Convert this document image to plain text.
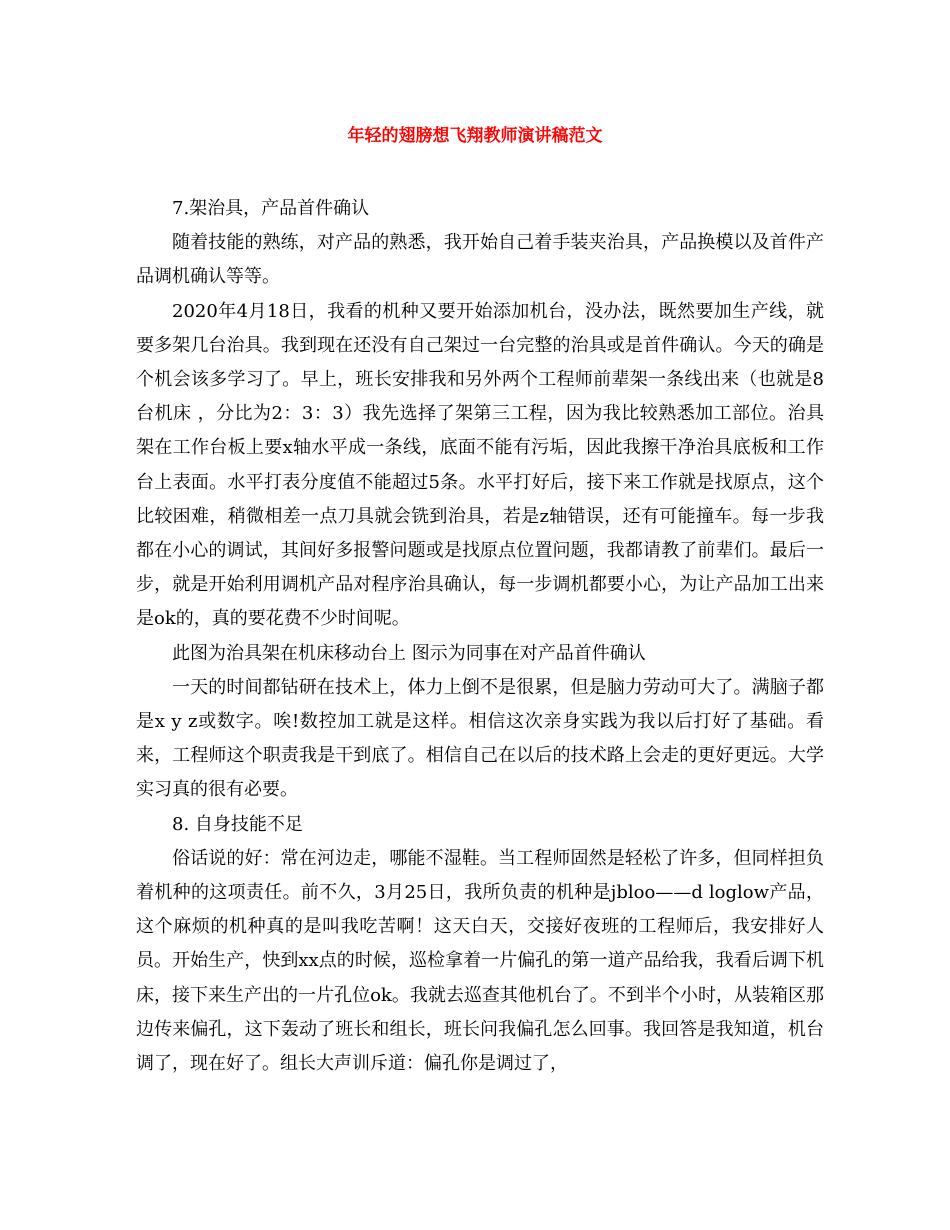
年轻的翅膀想飞翔教师演讲稿范文

7.架治具，产品首件确认

随着技能的熟练，对产品的熟悉，我开始自己着手装夹治具，产品换模以及首件产品调机确认等等。

2020年4月18日，我看的机种又要开始添加机台，没办法，既然要加生产线，就要多架几台治具。我到现在还没有自己架过一台完整的治具或是首件确认。今天的确是个机会该多学习了。早上，班长安排我和另外两个工程师前辈架一条线出来（也就是8台机床 ，分比为2：3：3）我先选择了架第三工程，因为我比较熟悉加工部位。治具架在工作台板上要x轴水平成一条线，底面不能有污垢，因此我擦干净治具底板和工作台上表面。水平打表分度值不能超过5条。水平打好后，接下来工作就是找原点，这个比较困难，稍微相差一点刀具就会铣到治具，若是z轴错误，还有可能撞车。每一步我都在小心的调试，其间好多报警问题或是找原点位置问题，我都请教了前辈们。最后一步，就是开始利用调机产品对程序治具确认，每一步调机都要小心，为让产品加工出来是ok的，真的要花费不少时间呢。

此图为治具架在机床移动台上 图示为同事在对产品首件确认

一天的时间都钻研在技术上，体力上倒不是很累，但是脑力劳动可大了。满脑子都是x y z或数字。唉!数控加工就是这样。相信这次亲身实践为我以后打好了基础。看来，工程师这个职责我是干到底了。相信自己在以后的技术路上会走的更好更远。大学实习真的很有必要。

8. 自身技能不足

俗话说的好：常在河边走，哪能不湿鞋。当工程师固然是轻松了许多，但同样担负着机种的这项责任。前不久，3月25日，我所负责的机种是jbloo——d loglow产品，这个麻烦的机种真的是叫我吃苦啊！这天白天，交接好夜班的工程师后，我安排好人员。开始生产，快到xx点的时候，巡检拿着一片偏孔的第一道产品给我，我看后调下机床，接下来生产出的一片孔位ok。我就去巡查其他机台了。不到半个小时，从装箱区那边传来偏孔，这下轰动了班长和组长，班长问我偏孔怎么回事。我回答是我知道，机台调了，现在好了。组长大声训斥道：偏孔你是调过了，
